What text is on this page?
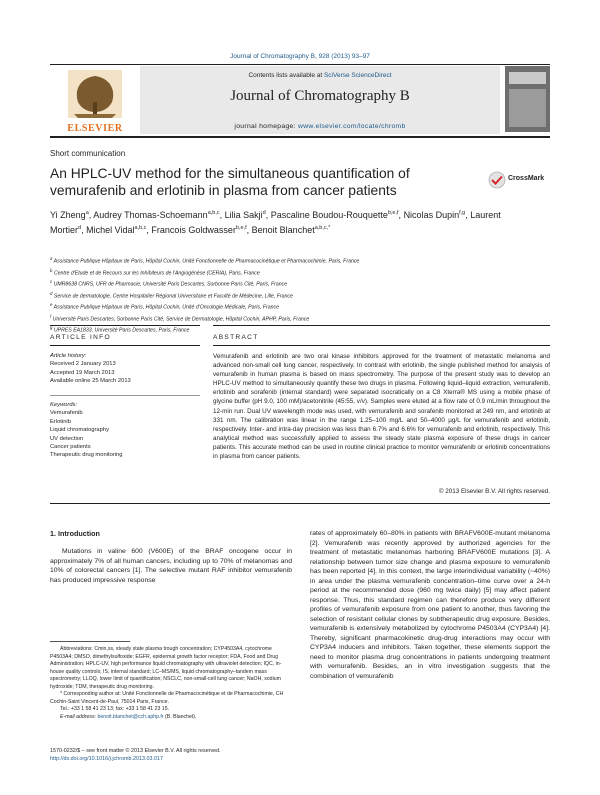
Journal of Chromatography B, 928 (2013) 93–97
ELSEVIER
Contents lists available at SciVerse ScienceDirect
Journal of Chromatography B
journal homepage: www.elsevier.com/locate/chromb
Short communication
An HPLC-UV method for the simultaneous quantification of vemurafenib and erlotinib in plasma from cancer patients
CrossMark
Yi Zheng$^a$, Audrey Thomas-Schoemann$^{a,b,c}$, Lilia Sakji$^d$, Pascaline Boudou-Rouquette$^{b,e,f}$, Nicolas Dupin$^{f,g}$, Laurent Mortier$^d$, Michel Vidal$^{a,b,c}$, Francois Goldwasser$^{b,e,f}$, Benoit Blanchet$^{a,b,c,*}$
$^a$ Assistance Publique Hôpitaux de Paris, Hôpital Cochin, Unité Fonctionnelle de Pharmacocinétique et Pharmacochimie, Paris, France
$^b$ Centre d'Etude et de Recours sur les Inhibiteurs de l'Angiogénèse (CERIA), Paris, France
$^c$ UMR8638 CNRS, UFR de Pharmacie, Université Paris Descartes, Sorbonne Paris Cité, Paris, France
$^d$ Service de dermatologie, Centre Hospitalier Régional Universitaire et Faculté de Médecine, Lille, France
$^e$ Assistance Publique Hôpitaux de Paris, Hôpital Cochin, Unité d'Oncologie Médicale, Paris, France
$^f$ Université Paris Descartes, Sorbonne Paris Cité, Service de Dermatologie, Hôpital Cochin, APHP, Paris, France
$^g$ UPRES EA1833, Université Paris Descartes, Paris, France
ARTICLE INFO
Article history:
Received 2 January 2013
Accepted 19 March 2013
Available online 25 March 2013
Keywords:
Vemurafenib
Erlotinib
Liquid chromatography
UV detection
Cancer patients
Therapeutic drug monitoring
ABSTRACT
Vemurafenib and erlotinib are two oral kinase inhibitors approved for the treatment of metastatic melanoma and advanced non-small cell lung cancer, respectively. In contrast with erlotinib, the single published method for analysis of vemurafenib in human plasma is based on mass spectrometry. The purpose of the present study was to develop an HPLC-UV method to simultaneously quantify these two drugs in plasma. Following liquid–liquid extraction, vemurafenib, erlotinib and sorafenib (internal standard) were separated isocratically on a C8 Xterra® MS using a mobile phase of glycine buffer (pH 9.0, 100 mM)/acetonitrile (45:55, v/v). Samples were eluted at a flow rate of 0.9 mL/min throughout the 12-min run. Dual UV wavelength mode was used, with vemurafenib and sorafenib monitored at 249 nm, and erlotinib at 331 nm. The calibration was linear in the range 1.25–100 mg/L and 50–4000 µg/L for vemurafenib and erlotinib, respectively. Inter- and intra-day precision was less than 6.7% and 6.6% for vemurafenib and erlotinib, respectively. This analytical method was successfully applied to assess the steady state plasma exposure of these drugs in cancer patients. This accurate method can be used in routine clinical practice to monitor vemurafenib or erlotinib concentrations in plasma from cancer patients.
© 2013 Elsevier B.V. All rights reserved.
1. Introduction
Mutations in valine 600 (V600E) of the BRAF oncogene occur in approximately 7% of all human cancers, including up to 70% of melanomas and 10% of colorectal cancers [1]. The selective mutant RAF inhibitor vemurafenib has produced impressive response
rates of approximately 60–80% in patients with BRAFV600E-mutant melanoma [2]. Vemurafenib was recently approved by authorized agencies for the treatment of metastatic melanomas harboring BRAFV600E mutations [3]. A relationship between tumor size change and plasma exposure to vemurafenib has been reported [4]. In this context, the large interindividual variability (~40%) in area under the plasma vemurafenib concentration–time curve over a 24-h period at the recommended dose (960 mg twice daily) [5] may affect patient response. Thus, this standard regimen can therefore produce very different profiles of vemurafenib exposure from one patient to another, thus favoring the selection of resistant cellular clones by subtherapeutic drug exposure. Besides, vemurafenib is extensively metabolized by cytochrome P4503A4 (CYP3A4) [4]. Thereby, significant pharmacokinetic drug-drug interactions may occur with CYP3A4 inducers and inhibitors. Taken together, these elements support the need to monitor plasma drug concentrations in patients undergoing treatment with vemurafenib. Besides, an in vitro investigation suggests that the combination of vemurafenib
Abbreviations: Cmin,ss, steady state plasma trough concentration; CYP4503A4, cytochrome P4503A4; DMSO, dimethylsulfoxide; EGFR, epidermal growth factor receptor; FDA, Food and Drug Administration; HPLC-UV, high performance liquid chromatography with ultraviolet detection; IQC, in-house quality controls; IS, internal standard; LC–MS/MS, liquid chromatography–tandem mass spectrometry; LLOQ, lower limit of quantification; NSCLC, non-small-cell lung cancer; NaOH, sodium hydroxide; TDM, therapeutic drug monitoring.
* Corresponding author at: Unité Fonctionnelle de Pharmacocinétique et de Pharmacochimie, CH Cochin-Saint Vincent-de-Paul, 75014 Paris, France.
Tel.: +33 1 58 41 23 13; fax: +33 1 58 41 23 15.
E-mail address: benoit.blanchet@cch.aphp.fr (B. Blanchet).
1570-0232/$ – see front matter © 2013 Elsevier B.V. All rights reserved.
http://dx.doi.org/10.1016/j.jchromb.2013.03.017
